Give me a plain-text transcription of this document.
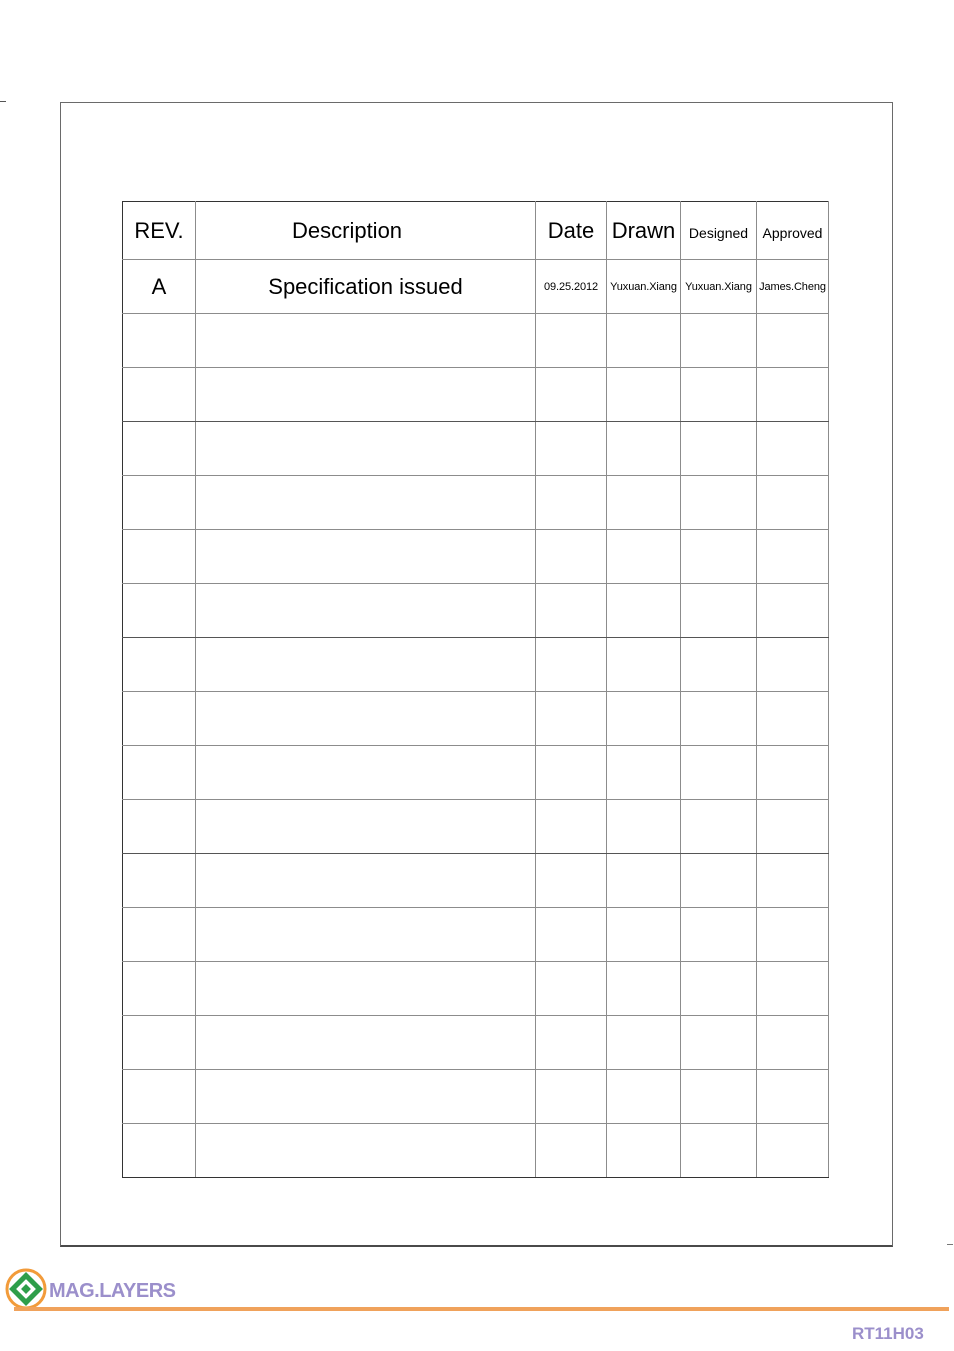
REV.	Description	Date	Drawn	Designed	Approved
A	Specification issued	09.25.2012	Yuxuan.Xiang	Yuxuan.Xiang	James.Cheng

MAG.LAYERS
RT11H03
